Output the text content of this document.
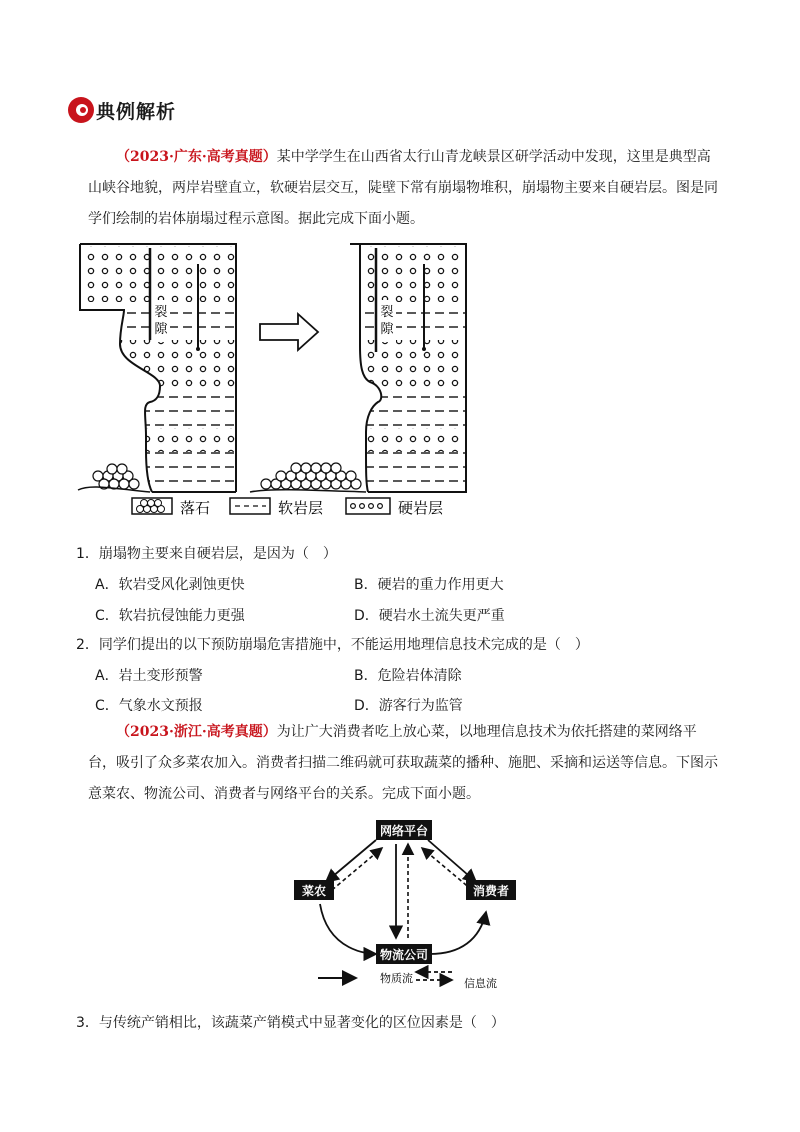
典例解析
（2023·广东·高考真题）某中学学生在山西省太行山青龙峡景区研学活动中发现，这里是典型高山峡谷地貌，两岸岩壁直立，软硬岩层交互，陡壁下常有崩塌物堆积，崩塌物主要来自硬岩层。图是同学们绘制的岩体崩塌过程示意图。据此完成下面小题。
裂
隙
裂
隙
落石	软岩层	硬岩层
1．崩塌物主要来自硬岩层，是因为（　）
A．软岩受风化剥蚀更快	B．硬岩的重力作用更大
C．软岩抗侵蚀能力更强	D．硬岩水土流失更严重
2．同学们提出的以下预防崩塌危害措施中，不能运用地理信息技术完成的是（　）
A．岩土变形预警	B．危险岩体清除
C．气象水文预报	D．游客行为监管
（2023·浙江·高考真题）为让广大消费者吃上放心菜，以地理信息技术为依托搭建的菜网络平台，吸引了众多菜农加入。消费者扫描二维码就可获取蔬菜的播种、施肥、采摘和运送等信息。下图示意菜农、物流公司、消费者与网络平台的关系。完成下面小题。
网络平台
菜农	消费者
物流公司
物质流	信息流
3．与传统产销相比，该蔬菜产销模式中显著变化的区位因素是（　）
